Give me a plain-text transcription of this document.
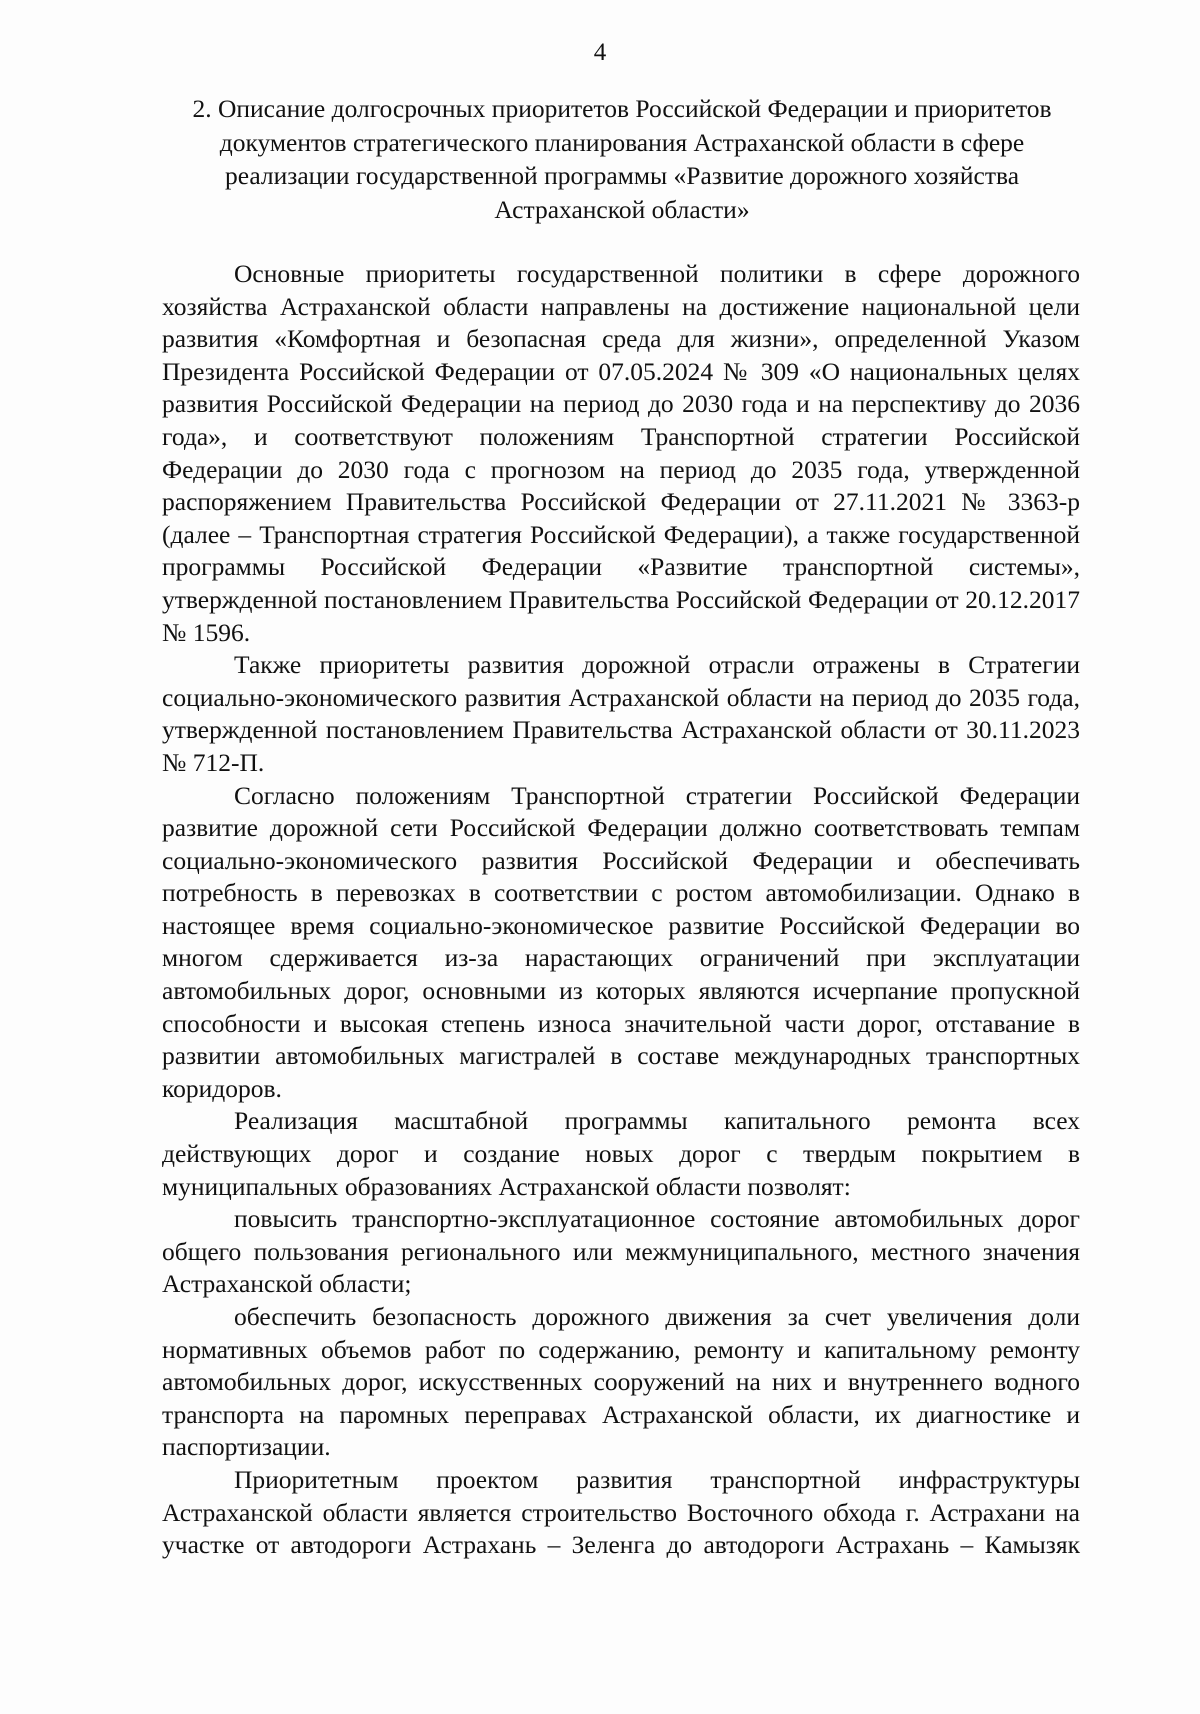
4
2. Описание долгосрочных приоритетов Российской Федерации и приоритетов документов стратегического планирования Астраханской области в сфере реализации государственной программы «Развитие дорожного хозяйства Астраханской области»

Основные приоритеты государственной политики в сфере дорожного хозяйства Астраханской области направлены на достижение национальной цели развития «Комфортная и безопасная среда для жизни», определенной Указом Президента Российской Федерации от 07.05.2024 № 309 «О национальных целях развития Российской Федерации на период до 2030 года и на перспективу до 2036 года», и соответствуют положениям Транспортной стратегии Российской Федерации до 2030 года с прогнозом на период до 2035 года, утвержденной распоряжением Правительства Российской Федерации от 27.11.2021 № 3363-р (далее – Транспортная стратегия Российской Федерации), а также государственной программы Российской Федерации «Развитие транспортной системы», утвержденной постановлением Правительства Российской Федерации от 20.12.2017 № 1596.

Также приоритеты развития дорожной отрасли отражены в Стратегии социально-экономического развития Астраханской области на период до 2035 года, утвержденной постановлением Правительства Астраханской области от 30.11.2023 № 712-П.

Согласно положениям Транспортной стратегии Российской Федерации развитие дорожной сети Российской Федерации должно соответствовать темпам социально-экономического развития Российской Федерации и обеспечивать потребность в перевозках в соответствии с ростом автомобилизации. Однако в настоящее время социально-экономическое развитие Российской Федерации во многом сдерживается из-за нарастающих ограничений при эксплуатации автомобильных дорог, основными из которых являются исчерпание пропускной способности и высокая степень износа значительной части дорог, отставание в развитии автомобильных магистралей в составе международных транспортных коридоров.

Реализация масштабной программы капитального ремонта всех действующих дорог и создание новых дорог с твердым покрытием в муниципальных образованиях Астраханской области позволят:

повысить транспортно-эксплуатационное состояние автомобильных дорог общего пользования регионального или межмуниципального, местного значения Астраханской области;

обеспечить безопасность дорожного движения за счет увеличения доли нормативных объемов работ по содержанию, ремонту и капитальному ремонту автомобильных дорог, искусственных сооружений на них и внутреннего водного транспорта на паромных переправах Астраханской области, их диагностике и паспортизации.

Приоритетным проектом развития транспортной инфраструктуры Астраханской области является строительство Восточного обхода г. Астрахани на участке от автодороги Астрахань – Зеленга до автодороги Астрахань – Камызяк
